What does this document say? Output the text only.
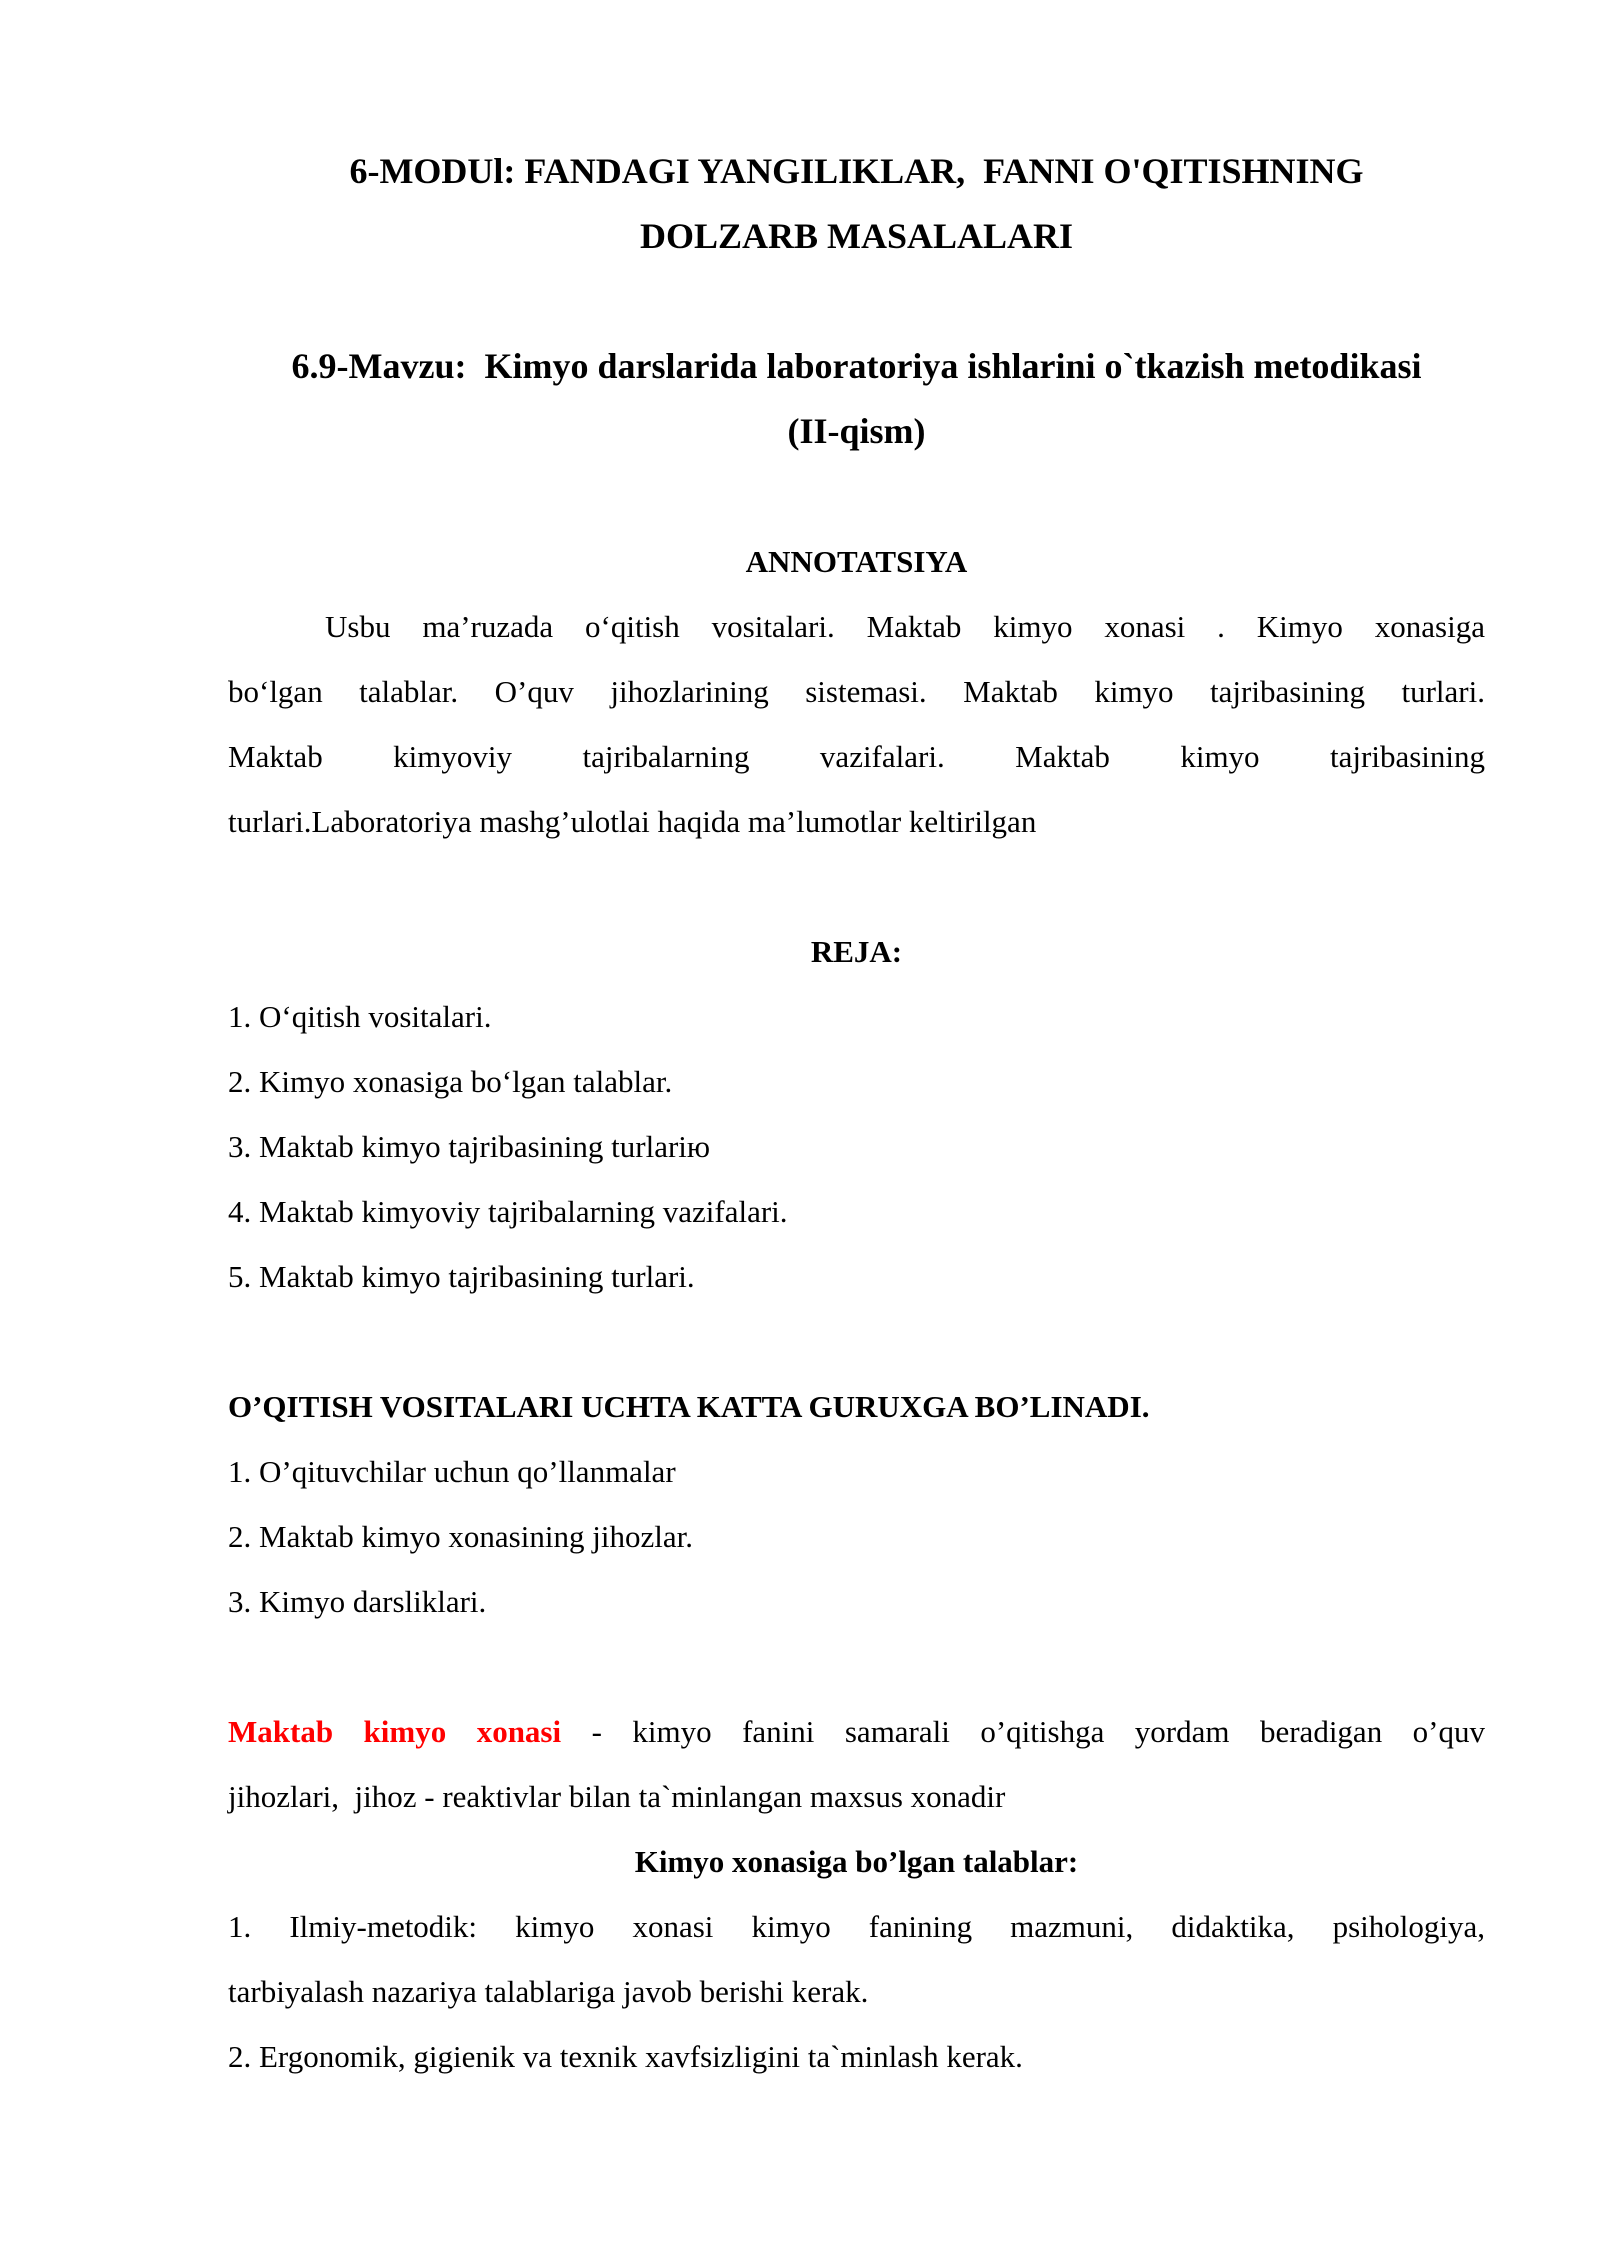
6-MODUl: FANDAGI YANGILIKLAR,  FANNI O'QITISHNING
DOLZARB MASALALARI
6.9-Mavzu:  Kimyo darslarida laboratoriya ishlarini o`tkazish metodikasi
(II-qism)
ANNOTATSIYA
Usbu ma’ruzada o‘qitish vositalari. Maktab kimyo xonasi . Kimyo xonasiga
bo‘lgan talablar. O’quv jihozlarining sistemasi. Maktab kimyo tajribasining turlari.
Maktab kimyoviy tajribalarning vazifalari. Maktab kimyo tajribasining
turlari.Laboratoriya mashg’ulotlai haqida ma’lumotlar keltirilgan
REJA:
1. O‘qitish vositalari.
2. Kimyo xonasiga bo‘lgan talablar.
3. Maktab kimyo tajribasining turlariю
4. Maktab kimyoviy tajribalarning vazifalari.
5. Maktab kimyo tajribasining turlari.
O’QITISH VOSITALARI UCHTA KATTA GURUXGA BO’LINADI.
1. O’qituvchilar uchun qo’llanmalar
2. Maktab kimyo xonasining jihozlar.
3. Kimyo darsliklari.
Maktab kimyo xonasi - kimyo fanini samarali o’qitishga yordam beradigan o’quv
jihozlari,  jihoz - reaktivlar bilan ta`minlangan maxsus xonadir
Kimyo xonasiga bo’lgan talablar:
1. Ilmiy-metodik: kimyo xonasi kimyo fanining mazmuni, didaktika, psihologiya,
tarbiyalash nazariya talablariga javob berishi kerak.
2. Ergonomik, gigienik va texnik xavfsizligini ta`minlash kerak.
